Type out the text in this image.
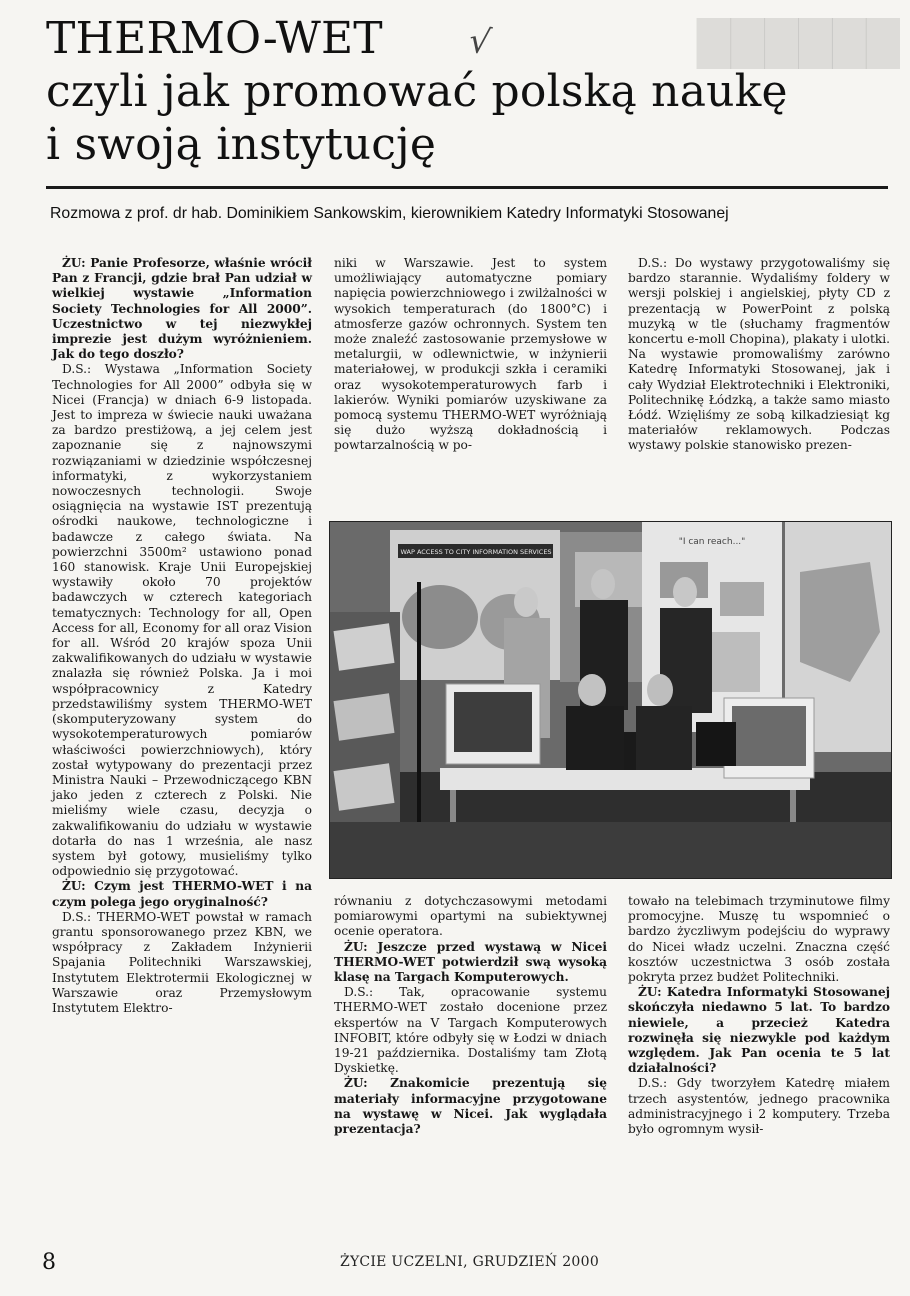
██████
THERMO-WET
czyli jak promować polską naukę
i swoją instytucję
√
Rozmowa z prof. dr hab. Dominikiem Sankowskim, kierownikiem Katedry Informatyki Stosowanej

ŻU: Panie Profesorze, właśnie wrócił Pan z Francji, gdzie brał Pan udział w wielkiej wystawie „Information Society Technologies for All 2000”. Uczestnictwo w tej niezwykłej imprezie jest dużym wyróżnieniem. Jak do tego doszło?

D.S.: Wystawa „Information Society Technologies for All 2000” odbyła się w Nicei (Francja) w dniach 6-9 listopada. Jest to impreza w świecie nauki uważana za bardzo prestiżową, a jej celem jest zapoznanie się z najnowszymi rozwiązaniami w dziedzinie współczesnej informatyki, z wykorzystaniem nowoczesnych technologii. Swoje osiągnięcia na wystawie IST prezentują ośrodki naukowe, technologiczne i badawcze z całego świata. Na powierzchni 3500m² ustawiono ponad 160 stanowisk. Kraje Unii Europejskiej wystawiły około 70 projektów badawczych w czterech kategoriach tematycznych: Technology for all, Open Access for all, Economy for all oraz Vision for all. Wśród 20 krajów spoza Unii zakwalifikowanych do udziału w wystawie znalazła się również Polska. Ja i moi współpracownicy z Katedry przedstawiliśmy system THERMO-WET (skomputeryzowany system do wysokotemperaturowych pomiarów właściwości powierzchniowych), który został wytypowany do prezentacji przez Ministra Nauki – Przewodniczącego KBN jako jeden z czterech z Polski. Nie mieliśmy wiele czasu, decyzja o zakwalifikowaniu do udziału w wystawie dotarła do nas 1 września, ale nasz system był gotowy, musieliśmy tylko odpowiednio się przygotować.

ŻU: Czym jest THERMO-WET i na czym polega jego oryginalność?

D.S.: THERMO-WET powstał w ramach grantu sponsorowanego przez KBN, we współpracy z Zakładem Inżynierii Spajania Politechniki Warszawskiej, Instytutem Elektrotermii Ekologicznej w Warszawie oraz Przemysłowym Instytutem Elektro-

niki w Warszawie. Jest to system umożliwiający automatyczne pomiary napięcia powierzchniowego i zwilżalności w wysokich temperaturach (do 1800°C) i atmosferze gazów ochronnych. System ten może znaleźć zastosowanie przemysłowe w metalurgii, w odlewnictwie, w inżynierii materiałowej, w produkcji szkła i ceramiki oraz wysokotemperaturowych farb i lakierów. Wyniki pomiarów uzyskiwane za pomocą systemu THERMO-WET wyróżniają się dużo wyższą dokładnością i powtarzalnością w po-

D.S.: Do wystawy przygotowaliśmy się bardzo starannie. Wydaliśmy foldery w wersji polskiej i angielskiej, płyty CD z prezentacją w PowerPoint z polską muzyką w tle (słuchamy fragmentów koncertu e-moll Chopina), plakaty i ulotki. Na wystawie promowaliśmy zarówno Katedrę Informatyki Stosowanej, jak i cały Wydział Elektrotechniki i Elektroniki, Politechnikę Łódzką, a także samo miasto Łódź. Wzięliśmy ze sobą kilkadziesiąt kg materiałów reklamowych. Podczas wystawy polskie stanowisko prezen-

WAP ACCESS TO CITY INFORMATION SERVICES
"I can reach..."

równaniu z dotychczasowymi metodami pomiarowymi opartymi na subiektywnej ocenie operatora.

ŻU: Jeszcze przed wystawą w Nicei THERMO-WET potwierdził swą wysoką klasę na Targach Komputerowych.

D.S.: Tak, opracowanie systemu THERMO-WET zostało docenione przez ekspertów na V Targach Komputerowych INFOBIT, które odbyły się w Łodzi w dniach 19-21 października. Dostaliśmy tam Złotą Dyskietkę.

ŻU: Znakomicie prezentują się materiały informacyjne przygotowane na wystawę w Nicei. Jak wyglądała prezentacja?

towało na telebimach trzyminutowe filmy promocyjne. Muszę tu wspomnieć o bardzo życzliwym podejściu do wyprawy do Nicei władz uczelni. Znaczna część kosztów uczestnictwa 3 osób została pokryta przez budżet Politechniki.

ŻU: Katedra Informatyki Stosowanej skończyła niedawno 5 lat. To bardzo niewiele, a przecież Katedra rozwinęła się niezwykle pod każdym względem. Jak Pan ocenia te 5 lat działalności?

D.S.: Gdy tworzyłem Katedrę miałem trzech asystentów, jednego pracownika administracyjnego i 2 komputery. Trzeba było ogromnym wysił-

8	ŻYCIE UCZELNI, GRUDZIEŃ 2000
